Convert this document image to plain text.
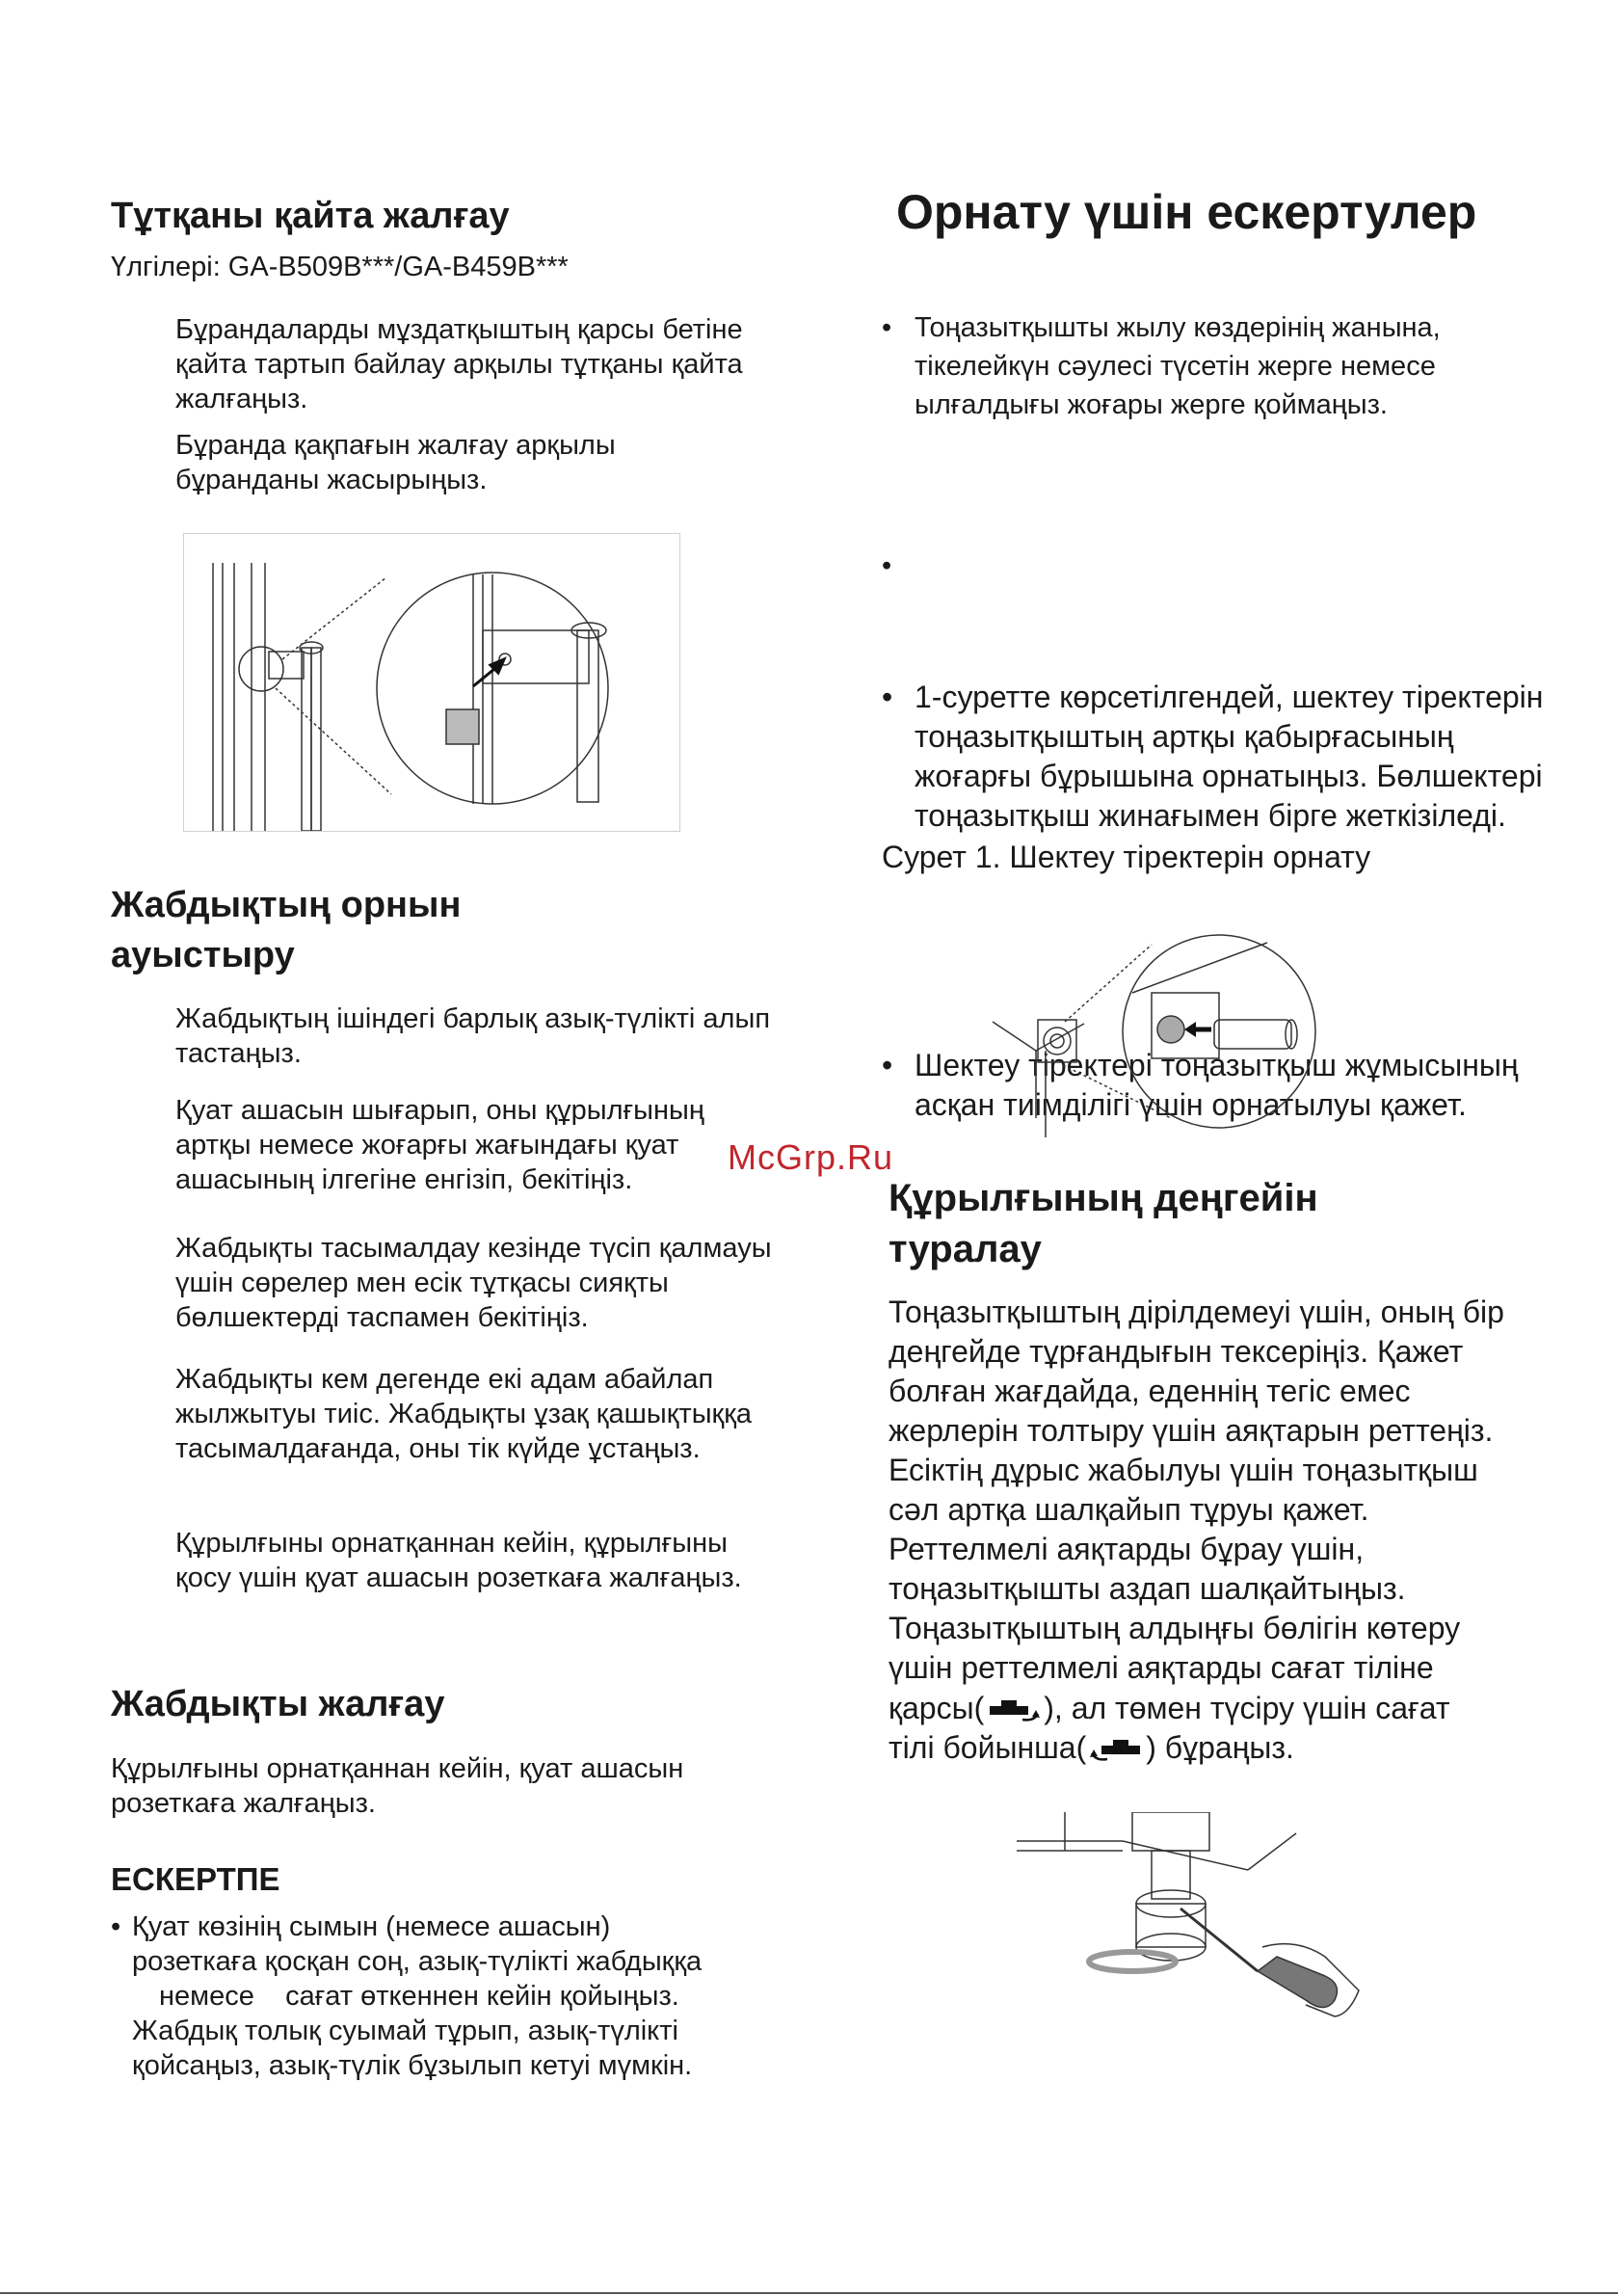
Тұтқаны қайта жалғау

Үлгілері: GA-B509B***/GA-B459B***

Бұрандаларды мұздатқыштың қарсы бетіне қайта тартып байлау арқылы тұтқаны қайта жалғаңыз.

Бұранда қақпағын жалғау арқылы бұранданы жасырыңыз.

Жабдықтың орнын
ауыстыру

Жабдықтың ішіндегі барлық азық-түлікті алып тастаңыз.

Қуат ашасын шығарып, оны құрылғының артқы немесе жоғарғы жағындағы қуат ашасының ілгегіне енгізіп, бекітіңіз.

Жабдықты тасымалдау кезінде түсіп қалмауы үшін сөрелер мен есік тұтқасы сияқты бөлшектерді таспамен бекітіңіз.

Жабдықты кем дегенде екі адам абайлап жылжытуы тиіс. Жабдықты ұзақ қашықтыққа тасымалдағанда, оны тік күйде ұстаңыз.

Құрылғыны орнатқаннан кейін, құрылғыны қосу үшін қуат ашасын розеткаға жалғаңыз.

Жабдықты жалғау

Құрылғыны орнатқаннан кейін, қуат ашасын розеткаға жалғаңыз.

ЕСКЕРТПЕ

• Қуат көзінің сымын (немесе ашасын)

розеткаға қосқан соң, азық-түлікті жабдыққа

немесе    сағат өткеннен кейін қойыңыз.

Жабдық толық суымай тұрып, азық-түлікті

қойсаңыз, азық-түлік бұзылып кетуі мүмкін.

Орнату үшін ескертулер

• Тоңазытқышты жылу көздерінің жанына, тікелейкүн сәулесі түсетін жерге немесе ылғалдығы жоғары жерге қоймаңыз.

•

• 1-суретте көрсетілгендей, шектеу тіректерін тоңазытқыштың артқы қабырғасының жоғарғы бұрышына орнатыңыз. Бөлшектері тоңазытқыш жинағымен бірге жеткізіледі.

• Шектеу тіректері тоңазытқыш жұмысының асқан тиімділігі үшін орнатылуы қажет.

Сурет 1. Шектеу тіректерін орнату

McGrp.Ru
Құрылғының деңгейін
туралау

Тоңазытқыштың дірілдемеуі үшін, оның бір деңгейде тұрғандығын тексеріңіз. Қажет болған жағдайда, еденнің тегіс емес жерлерін толтыру үшін аяқтарын реттеңіз. Есіктің дұрыс жабылуы үшін тоңазытқыш сәл артқа шалқайып тұруы қажет. Реттелмелі аяқтарды бұрау үшін, тоңазытқышты аздап шалқайтыңыз. Тоңазытқыштың алдыңғы бөлігін көтеру үшін реттелмелі аяқтарды сағат тіліне

қарсы( ), ал төмен түсіру үшін сағат

тілі бойынша( ) бұраңыз.
